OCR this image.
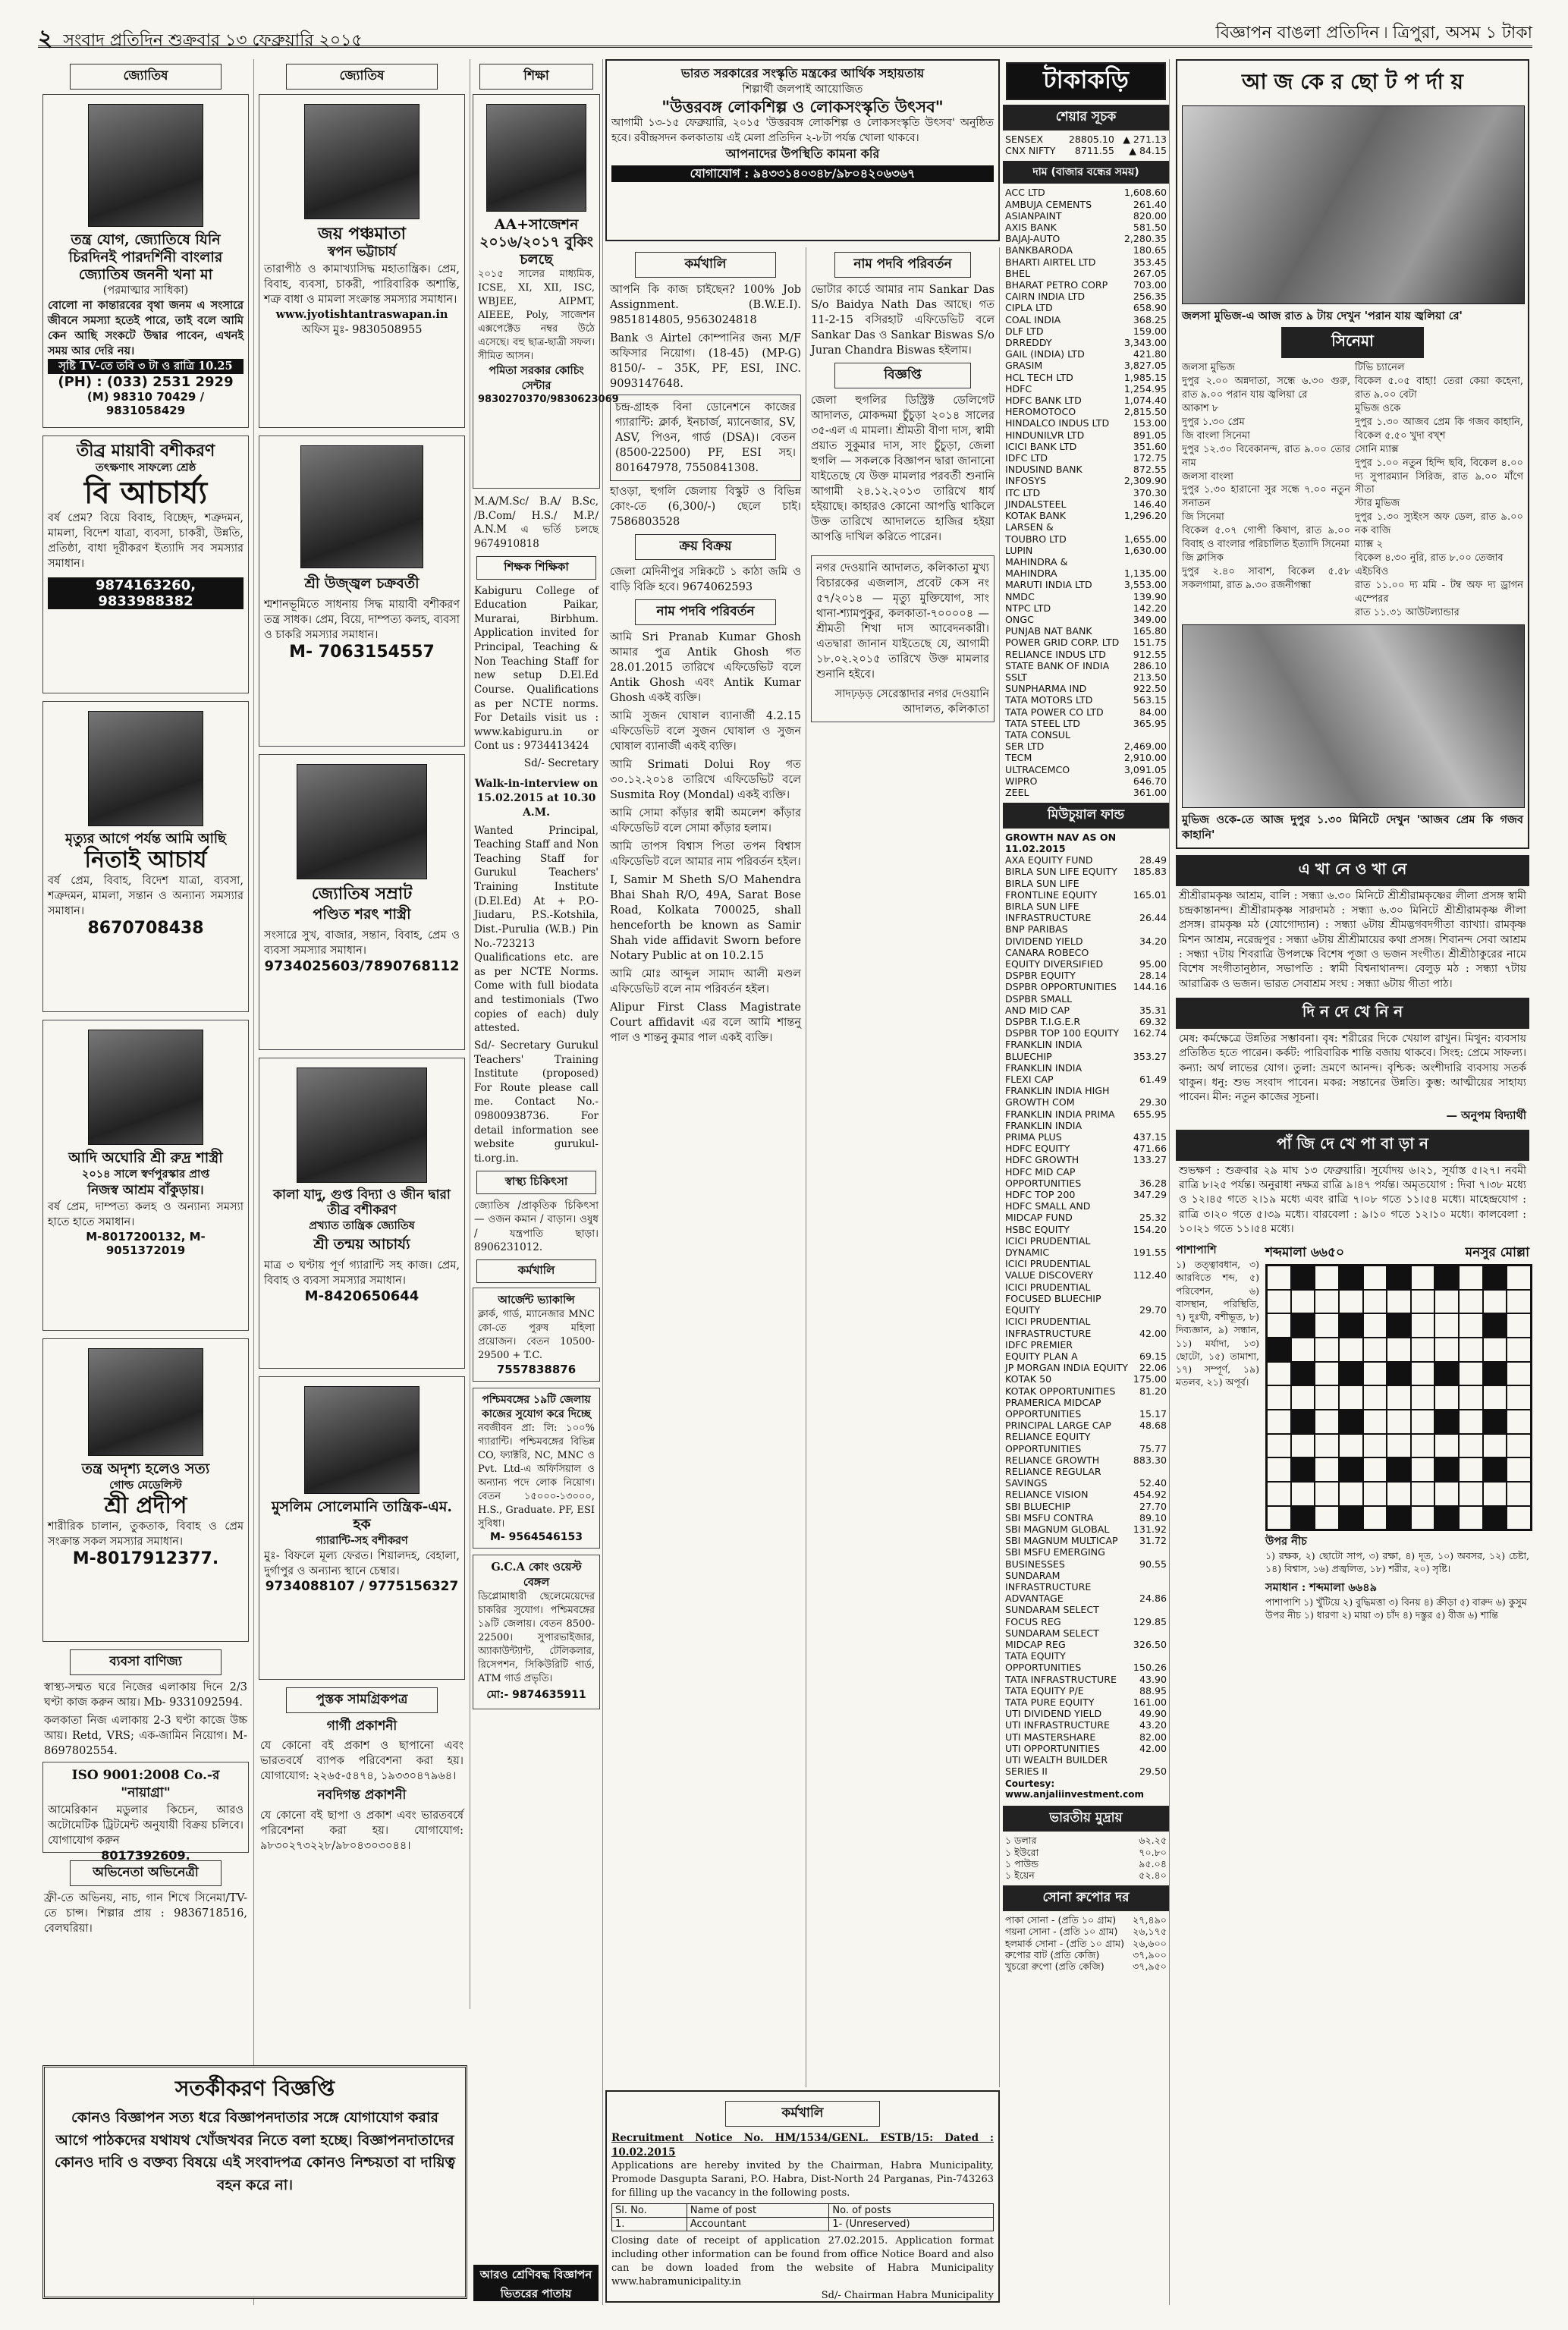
২ সংবাদ প্রতিদিন শুক্রবার ১৩ ফেব্রুয়ারি ২০১৫	বিজ্ঞাপন বাঙলা প্রতিদিন ৷ ত্রিপুরা, অসম ১ টাকা
জ্যোতিষ
তন্ত্র যোগ, জ্যোতিষে যিনি চিরদিনই পারদর্শিনী বাংলার জ্যোতিষ জননী খনা মা
(পরমাত্মার সাধিকা)
বোলো না কান্তারবের বৃথা জনম এ সংসারে জীবনে সমস্যা হতেই পারে, তাই বলে আমি কেন আছি সংকটে উদ্বার পাবেন, এখনই সময় আর দেরি নয়।
সৃষ্টি TV-তে তবি ৩ টা ও রাত্রি 10.25
(PH) : (033) 2531 2929
(M) 98310 70429 / 9831058429
তীব্র মায়াবী বশীকরণ
তৎক্ষণাৎ সাফল্যে শ্রেষ্ঠ
বি আচার্য্য
বর্ষ প্রেম? বিয়ে বিবাহ, বিচ্ছেদ, শত্রুদমন, মামলা, বিদেশ যাত্রা, ব্যবসা, চাকরী, উন্নতি, প্রতিষ্ঠা, বাধা দূরীকরণ ইত্যাদি সব সমস্যার সমাধান।
9874163260, 9833988382
মৃত্যুর আগে পর্যন্ত আমি আছি
নিতাই আচার্য
বর্ষ প্রেম, বিবাহ, বিদেশ যাত্রা, ব্যবসা, শত্রুদমন, মামলা, সন্তান ও অন্যান্য সমস্যার সমাধান।
8670708438
আদি অঘোরি শ্রী রুদ্র শাস্ত্রী
২০১৪ সালে স্বর্ণপুরস্কার প্রাপ্ত
নিজস্ব আশ্রম বাঁকুড়ায়।
বর্ষ প্রেম, দাম্পত্য কলহ ও অন্যান্য সমস্যা হাতে হাতে সমাধান।
M-8017200132, M-9051372019
তন্ত্র অদৃশ্য হলেও সত্য
গোল্ড মেডেলিস্ট
শ্রী প্রদীপ
শারীরিক চালান, তুকতাক, বিবাহ ও প্রেম সংক্রান্ত সকল সমস্যার সমাধান।
M-8017912377.
ব্যবসা বাণিজ্য
স্বাস্থ্য-সম্মত ঘরে নিজের এলাকায় দিনে 2/3 ঘণ্টা কাজ করুন আয়। Mb- 9331092594.
কলকাতা নিজ এলাকায় 2-3 ঘণ্টা কাজে উচ্চ আয়। Retd, VRS; এক-জামিন নিয়োগ। M- 8697802554.
ISO 9001:2008 Co.-র "নায়াগ্রা"
আমেরিকান মডুলার কিচেন, আরও অটোমেটিক ট্রিটমেন্ট অনুযায়ী বিক্রয় চলিবে। যোগাযোগ করুন
8017392609.
অভিনেতা অভিনেত্রী
ফ্রী-তে অভিনয়, নাচ, গান শিখে সিনেমা/TV-তে চান্স। শিল্পার প্রায় : 9836718516, বেলঘরিয়া।
জ্যোতিষ
জয় পঞ্চমাতা
স্বপন ভট্টাচার্য
তারাপীঠ ও কামাখ্যাসিদ্ধ মহাতান্ত্রিক। প্রেম, বিবাহ, ব্যবসা, চাকরী, পারিবারিক অশান্তি, শত্রু বাধা ও মামলা সংক্রান্ত সমস্যার সমাধান।
www.jyotishtantraswapan.in
অফিস মুঃ- 9830508955
শ্রী উজ্জ্বল চক্রবর্তী
শ্মশানভূমিতে সাধনায় সিদ্ধ মায়াবী বশীকরণ তন্ত্র সাধক। প্রেম, বিয়ে, দাম্পত্য কলহ, ব্যবসা ও চাকরি সমস্যার সমাধান।
M- 7063154557
জ্যোতিষ সম্রাট
পণ্ডিত শরৎ শাস্ত্রী
সংসারে সুখ, বাজার, সন্তান, বিবাহ, প্রেম ও ব্যবসা সমস্যার সমাধান।
9734025603/7890768112
কালা যাদু, গুপ্ত বিদ্যা ও জীন দ্বারা তীব্র বশীকরণ
প্রখ্যাত তান্ত্রিক জ্যোতিষ
শ্রী তন্ময় আচার্য্য
মাত্র ৩ ঘণ্টায় পূর্ণ গ্যারান্টি সহ কাজ। প্রেম, বিবাহ ও ব্যবসা সমস্যার সমাধান।
M-8420650644
মুসলিম সোলেমানি তান্ত্রিক-এম. হক
গ্যারান্টি-সহ বশীকরণ
মুঃ- বিফলে মূল্য ফেরত। শিয়ালদহ, বেহালা, দুর্গাপুর ও অন্যান্য স্থানে চেম্বার।
9734088107 / 9775156327
পুস্তক সামগ্রিকপত্র
গার্গী প্রকাশনী
যে কোনো বই প্রকাশ ও ছাপানো এবং ভারতবর্ষে ব্যাপক পরিবেশনা করা হয়। যোগাযোগ: ২২৬৫-৫৪৭৪, ১৯৩৩০৪৭৯৬৪।
নবদিগন্ত প্রকাশনী
যে কোনো বই ছাপা ও প্রকাশ এবং ভারতবর্ষে পরিবেশনা করা হয়। যোগাযোগ: ৯৮৩০২৭৩২২৮/৯৮০৪৩০৩০৪৪।
সতর্কীকরণ বিজ্ঞপ্তি
কোনও বিজ্ঞাপন সত্য ধরে বিজ্ঞাপনদাতার সঙ্গে যোগাযোগ করার আগে পাঠকদের যথাযথ খোঁজখবর নিতে বলা হচ্ছে। বিজ্ঞাপনদাতাদের কোনও দাবি ও বক্তব্য বিষয়ে এই সংবাদপত্র কোনও নিশ্চয়তা বা দায়িত্ব বহন করে না।
শিক্ষা
AA+সাজেশন ২০১৬/২০১৭ বুকিং চলছে
২০১৫ সালের মাধ্যমিক, ICSE, XI, XII, ISC, WBJEE, AIPMT, AIEEE, Poly, সাজেশন এক্সপেক্টেড নম্বর উঠে এসেছে। বহু ছাত্র-ছাত্রী সফল। সীমিত আসন।
পমিতা সরকার কোচিং সেন্টার
9830270370/9830623069
M.A/M.Sc/ B.A/ B.Sc, /B.Com/ H.S./ M.P./ A.N.M এ ভর্তি চলছে 9674910818
শিক্ষক শিক্ষিকা
Kabiguru College of Education Paikar, Murarai, Birbhum. Application invited for Principal, Teaching & Non Teaching Staff for new setup D.El.Ed Course. Qualifications as per NCTE norms. For Details visit us : www.kabiguru.in or Cont us : 9734413424
Sd/- Secretary
Walk-in-interview on 15.02.2015 at 10.30 A.M.
Wanted Principal, Teaching Staff and Non Teaching Staff for Gurukul Teachers' Training Institute (D.El.Ed) At + P.O- Jiudaru, P.S.-Kotshila, Dist.-Purulia (W.B.) Pin No.-723213 Qualifications etc. are as per NCTE Norms. Come with full biodata and testimonials (Two copies of each) duly attested.
Sd/- Secretary Gurukul Teachers' Training Institute (proposed) For Route please call me. Contact No.- 09800938736. For detail information see website gurukul-ti.org.in.
স্বাস্থ্য চিকিৎসা
জ্যোতিষ /প্রাকৃতিক চিকিৎসা — ওজন কমান / বাড়ান। ওষুধ / যন্ত্রপাতি ছাড়া। 8906231012.
কর্মখালি
আর্জেন্ট ভ্যাকান্সি
ক্লার্ক, গার্ড, ম্যানেজার MNC কো-তে পুরুষ মহিলা প্রয়োজন। বেতন 10500-29500 + T.C.
7557838876
পশ্চিমবঙ্গের ১৯টি জেলায় কাজের সুযোগ করে দিচ্ছে
নবজীবন প্রা: লি: ১০০% গ্যারান্টি। পশ্চিমবঙ্গের বিভিন্ন CO, ফ্যাক্টরি, NC, MNC ও Pvt. Ltd-এ অফিসিয়াল ও অন্যান্য পদে লোক নিয়োগ। বেতন ১৫০০০-১৩০০০, H.S., Graduate. PF, ESI সুবিধা।
M- 9564546153
G.C.A কোং ওয়েস্ট বেঙ্গল
ডিপ্লোমাধারী ছেলেমেয়েদের চাকরির সুযোগ। পশ্চিমবঙ্গের ১৯টি জেলায়। বেতন 8500-22500। সুপারভাইজার, অ্যাকাউন্ট্যান্ট, টেলিকলার, রিসেপশন, সিকিউরিটি গার্ড, ATM গার্ড প্রভৃতি।
মো:- 9874635911
আরও শ্রেণিবদ্ধ বিজ্ঞাপন ভিতরের পাতায়
ভারত সরকারের সংস্কৃতি মন্ত্রকের আর্থিক সহায়তায়
শিল্পার্থী জলপাই আয়োজিত
"উত্তরবঙ্গ লোকশিল্প ও লোকসংস্কৃতি উৎসব"
আগামী ১৩-১৫ ফেব্রুয়ারি, ২০১৫ 'উত্তরবঙ্গ লোকশিল্প ও লোকসংস্কৃতি উৎসব' অনুষ্ঠিত হবে। রবীন্দ্রসদন কলকাতায় এই মেলা প্রতিদিন ২-৮টা পর্যন্ত খোলা থাকবে।
আপনাদের উপস্থিতি কামনা করি
যোগাযোগ : ৯৪৩৩১৪০৩৪৮/৯৮০৪২০৬৩৬৭
কর্মখালি
আপনি কি কাজ চাইছেন? 100% Job Assignment. (B.W.E.I). 9851814805, 9563024818
Bank ও Airtel কোম্পানির জন্য M/F অফিসার নিয়োগ। (18-45) (MP-G) 8150/- – 35K, PF, ESI, INC. 9093147648.
চন্দ্র-গ্রাহক বিনা ডোনেশনে কাজের গ্যারান্টি: ক্লার্ক, ইনচার্জ, ম্যানেজার, SV, ASV, পিওন, গার্ড (DSA)। বেতন (8500-22500) PF, ESI সহ। 801647978, 7550841308.
হাওড়া, হুগলি জেলায় বিস্কুট ও বিভিন্ন কোং-তে (6,300/-) ছেলে চাই। 7586803528
ক্রয় বিক্রয়
জেলা মেদিনীপুর সন্নিকটে ১ কাঠা জমি ও বাড়ি বিক্রি হবে। 9674062593
নাম পদবি পরিবর্তন
আমি Sri Pranab Kumar Ghosh আমার পুত্র Antik Ghosh গত 28.01.2015 তারিখে এফিডেভিট বলে Antik Ghosh এবং Antik Kumar Ghosh একই ব্যক্তি।
আমি সুজন ঘোষাল ব্যানার্জী 4.2.15 এফিডেভিট বলে সুজন ঘোষাল ও সুজন ঘোষাল ব্যানার্জী একই ব্যক্তি।
আমি Srimati Dolui Roy গত ৩০.১২.২০১৪ তারিখে এফিডেভিট বলে Susmita Roy (Mondal) একই ব্যক্তি।
আমি সোমা কাঁড়ার স্বামী অমলেশ কাঁড়ার এফিডেভিট বলে সোমা কাঁড়ার হলাম।
আমি তাপস বিশ্বাস পিতা তপন বিশ্বাস এফিডেভিট বলে আমার নাম পরিবর্তন হইল।
I, Samir M Sheth S/O Mahendra Bhai Shah R/O, 49A, Sarat Bose Road, Kolkata 700025, shall henceforth be known as Samir Shah vide affidavit Sworn before Notary Public at on 10.2.15
আমি মোঃ আব্দুল সামাদ আলী মণ্ডল এফিডেভিট বলে নাম পরিবর্তন হইল।
Alipur First Class Magistrate Court affidavit এর বলে আমি শান্তনু পাল ও শান্তনু কুমার পাল একই ব্যক্তি।
নাম পদবি পরিবর্তন
ভোটার কার্ডে আমার নাম Sankar Das S/o Baidya Nath Das আছে। গত 11-2-15 বসিরহাট এফিডেভিট বলে Sankar Das ও Sankar Biswas S/o Juran Chandra Biswas হইলাম।
বিজ্ঞপ্তি
জেলা হুগলির ডিস্ট্রিক্ট ডেলিগেট আদালত, মোকদ্দমা চুঁচুড়া ২০১৪ সালের ৩৫-এল এ মামলা। শ্রীমতী বীণা দাস, স্বামী প্রয়াত সুকুমার দাস, সাং চুঁচুড়া, জেলা হুগলি — সকলকে বিজ্ঞাপন দ্বারা জানানো যাইতেছে যে উক্ত মামলার পরবর্তী শুনানি আগামী ২৪.১২.২০১৩ তারিখে ধার্য হইয়াছে। কাহারও কোনো আপত্তি থাকিলে উক্ত তারিখে আদালতে হাজির হইয়া আপত্তি দাখিল করিতে পারেন।
নগর দেওয়ানি আদালত, কলিকাতা মুখ্য বিচারকের এজলাস, প্রবেট কেস নং ৫৭/২০১৪ — মৃত্যু মুক্তিযোগ, সাং থানা-শ্যামপুকুর, কলকাতা-৭০০০০৪ — শ্রীমতী শিখা দাস আবেদনকারী। এতদ্বারা জানান যাইতেছে যে, আগামী ১৮.০২.২০১৫ তারিখে উক্ত মামলার শুনানি হইবে।
সাদঢ়ড়ড় সেরেস্তাদার নগর দেওয়ানি আদালত, কলিকাতা
কর্মখালি
Recruitment Notice No. HM/1534/GENL. ESTB/15: Dated : 10.02.2015
Applications are hereby invited by the Chairman, Habra Municipality, Promode Dasgupta Sarani, P.O. Habra, Dist-North 24 Parganas, Pin-743263 for filling up the vacancy in the following posts.
Sl. No.	Name of post	No. of posts
1.	Accountant	1- (Unreserved)
Closing date of receipt of application 27.02.2015. Application format including other information can be found from office Notice Board and also can be down loaded from the website of Habra Municipality www.habramunicipality.in
Sd/- Chairman Habra Municipality
টাকাকড়ি
শেয়ার সূচক
SENSEX	28805.10	▲ 271.13
CNX NIFTY	8711.55	▲ 84.15
দাম (বাজার বন্ধের সময়)
ACC LTD	1,608.60
AMBUJA CEMENTS	261.40
ASIANPAINT	820.00
AXIS BANK	581.50
BAJAJ-AUTO	2,280.35
BANKBARODA	180.65
BHARTI AIRTEL LTD	353.45
BHEL	267.05
BHARAT PETRO CORP	703.00
CAIRN INDIA LTD	256.35
CIPLA LTD	658.90
COAL INDIA	368.25
DLF LTD	159.00
DRREDDY	3,343.00
GAIL (INDIA) LTD	421.80
GRASIM	3,827.05
HCL TECH LTD	1,985.15
HDFC	1,254.95
HDFC BANK LTD	1,074.40
HEROMOTOCO	2,815.50
HINDALCO INDUS LTD	153.00
HINDUNILVR LTD	891.05
ICICI BANK LTD	351.60
IDFC LTD	172.75
INDUSIND BANK	872.55
INFOSYS	2,309.90
ITC LTD	370.30
JINDALSTEEL	146.40
KOTAK BANK	1,296.20
LARSEN &	
TOUBRO LTD	1,655.00
LUPIN	1,630.00
MAHINDRA &	
MAHINDRA	1,135.00
MARUTI INDIA LTD	3,553.00
NMDC	139.90
NTPC LTD	142.20
ONGC	349.00
PUNJAB NAT BANK	165.80
POWER GRID CORP. LTD	151.75
RELIANCE INDUS LTD	912.55
STATE BANK OF INDIA	286.10
SSLT	213.50
SUNPHARMA IND	922.50
TATA MOTORS LTD	563.15
TATA POWER CO LTD	84.00
TATA STEEL LTD	365.95
TATA CONSUL	
SER LTD	2,469.00
TECM	2,910.00
ULTRACEMCO	3,091.05
WIPRO	646.70
ZEEL	361.00
মিউচুয়াল ফান্ড
GROWTH NAV AS ON 11.02.2015
AXA EQUITY FUND	28.49
BIRLA SUN LIFE EQUITY	185.83
BIRLA SUN LIFE	
FRONTLINE EQUITY	165.01
BIRLA SUN LIFE	
INFRASTRUCTURE	26.44
BNP PARIBAS	
DIVIDEND YIELD	34.20
CANARA ROBECO	
EQUITY DIVERSIFIED	95.00
DSPBR EQUITY	28.14
DSPBR OPPORTUNITIES	144.16
DSPBR SMALL	
AND MID CAP	35.31
DSPBR T.I.G.E.R	69.32
DSPBR TOP 100 EQUITY	162.74
FRANKLIN INDIA	
BLUECHIP	353.27
FRANKLIN INDIA	
FLEXI CAP	61.49
FRANKLIN INDIA HIGH	
GROWTH COM	29.30
FRANKLIN INDIA PRIMA	655.95
FRANKLIN INDIA	
PRIMA PLUS	437.15
HDFC EQUITY	471.66
HDFC GROWTH	133.27
HDFC MID CAP	
OPPORTUNITIES	36.28
HDFC TOP 200	347.29
HDFC SMALL AND	
MIDCAP FUND	25.32
HSBC EQUITY	154.20
ICICI PRUDENTIAL	
DYNAMIC	191.55
ICICI PRUDENTIAL	
VALUE DISCOVERY	112.40
ICICI PRUDENTIAL	
FOCUSED BLUECHIP	
EQUITY	29.70
ICICI PRUDENTIAL	
INFRASTRUCTURE	42.00
IDFC PREMIER	
EQUITY PLAN A	69.15
JP MORGAN INDIA EQUITY	22.06
KOTAK 50	175.00
KOTAK OPPORTUNITIES	81.20
PRAMERICA MIDCAP	
OPPORTUNITIES	15.17
PRINCIPAL LARGE CAP	48.68
RELIANCE EQUITY	
OPPORTUNITIES	75.77
RELIANCE GROWTH	883.30
RELIANCE REGULAR	
SAVINGS	52.40
RELIANCE VISION	454.92
SBI BLUECHIP	27.70
SBI MSFU CONTRA	89.10
SBI MAGNUM GLOBAL	131.92
SBI MAGNUM MULTICAP	31.72
SBI MSFU EMERGING	
BUSINESSES	90.55
SUNDARAM	
INFRASTRUCTURE	
ADVANTAGE	24.86
SUNDARAM SELECT	
FOCUS REG	129.85
SUNDARAM SELECT	
MIDCAP REG	326.50
TATA EQUITY	
OPPORTUNITIES	150.26
TATA INFRASTRUCTURE	43.90
TATA EQUITY P/E	88.95
TATA PURE EQUITY	161.00
UTI DIVIDEND YIELD	49.90
UTI INFRASTRUCTURE	43.20
UTI MASTERSHARE	82.00
UTI OPPORTUNITIES	42.00
UTI WEALTH BUILDER	
SERIES II	29.50
Courtesy: www.anjaliinvestment.com
ভারতীয় মুদ্রায়
১ ডলার	৬২.২৫
১ ইউরো	৭০.৮০
১ পাউন্ড	৯৫.০৪
১ ইয়েন	৫২.৪০
সোনা রুপোর দর
পাকা সোনা - (প্রতি ১০ গ্রাম)	২৭,৪৯০
গয়না সোনা - (প্রতি ১০ গ্রাম)	২৬,১৭৫
হলমার্ক সোনা - (প্রতি ১০ গ্রাম)	২৬,৬০০
রুপোর বাট (প্রতি কেজি)	৩৭,৯০০
খুচরো রুপো (প্রতি কেজি)	৩৭,৯৫০
আ জ কে র ছো ট প র্দা য়
জলসা মুভিজ-এ আজ রাত ৯ টায় দেখুন 'পরান যায় জ্বলিয়া রে'
সিনেমা
জলসা মুভিজ
দুপুর ২.০০ অন্নদাতা, সন্ধে ৬.৩০ গুরু, রাত ৯.০০ পরান যায় জ্বলিয়া রে
আকাশ ৮
দুপুর ১.৩০ প্রেম
জি বাংলা সিনেমা
দুপুর ১২.৩০ বিবেকানন্দ, রাত ৯.০০ তোর নাম
জলসা বাংলা
দুপুর ১.৩০ হারানো সুর সন্ধে ৭.০০ নতুন সনাতন
জি সিনেমা
বিকেল ৫.০৭ গোপী কিষাণ, রাত ৯.০০ বিবাহ ও বাংলার পরিচালিত ইত্যাদি সিনেমা
জি ক্লাসিক
দুপুর ২.৪০ সাবাশ, বিকেল ৫.৫৮ সকলগামা, রাত ৯.৩০ রজনীগন্ধা
টিভি চ্যানেল
বিকেল ৫.০৫ বাহা! তেরা কেয়া কহেনা, রাত ৯.০০ বেটা
মুভিজ ওকে
দুপুর ১.৩০ আজব প্রেম কি গজব কাহানি, বিকেল ৫.৫০ খুদা বখ্শ
সোনি ম্যাক্স
দুপুর ১.০০ নতুন হিন্দি ছবি, বিকেল ৪.০০ দ্য সুপারম্যান সিরিজ, রাত ৯.০০ মাঁগে সীতা
স্টার মুভিজ
দুপুর ১.৩০ স্যুইংস অফ ডেল, রাত ৯.০০ নক বাজি
ম্যাক্স ২
বিকেল ৪.৩০ নুরি, রাত ৮.০০ তেজাব
এইচবিও
রাত ১১.০০ দ্য মমি - টম্ব অফ দ্য ড্রাগন এম্পেরর
রাত ১১.৩১ আউটল্যান্ডার
মুভিজ ওকে-তে আজ দুপুর ১.৩০ মিনিটে দেখুন 'আজব প্রেম কি গজব কাহানি'
এ খা নে ও খা নে
শ্রীশ্রীরামকৃষ্ণ আশ্রম, বালি : সন্ধ্যা ৬.৩০ মিনিটে শ্রীশ্রীরামকৃষ্ণের লীলা প্রসঙ্গ স্বামী চন্দ্রকান্তানন্দ। শ্রীশ্রীরামকৃষ্ণ সারদামঠ : সন্ধ্যা ৬.৩০ মিনিটে শ্রীশ্রীরামকৃষ্ণ লীলা প্রসঙ্গ। রামকৃষ্ণ মঠ (যোগোদ্যান) : সন্ধ্যা ৬টায় শ্রীমদ্ভগবদগীতা ব্যাখ্যা। রামকৃষ্ণ মিশন আশ্রম, নরেন্দ্রপুর : সন্ধ্যা ৬টায় শ্রীশ্রীমায়ের কথা প্রসঙ্গ। শিবানন্দ সেবা আশ্রম : সন্ধ্যা ৭টায় শিবরাত্রি উপলক্ষে বিশেষ পূজা ও ভজন সংগীত। শ্রীশ্রীঠাকুরের নামে বিশেষ সংগীতানুষ্ঠান, সভাপতি : স্বামী বিশ্বনাথানন্দ। বেলুড় মঠ : সন্ধ্যা ৭টায় আরাত্রিক ও ভজন। ভারত সেবাশ্রম সংঘ : সন্ধ্যা ৬টায় গীতা পাঠ।
দি ন দে খে নি ন
মেষ: কর্মক্ষেত্রে উন্নতির সম্ভাবনা। বৃষ: শরীরের দিকে খেয়াল রাখুন। মিথুন: ব্যবসায় প্রতিষ্ঠিত হতে পারেন। কর্কট: পারিবারিক শান্তি বজায় থাকবে। সিংহ: প্রেমে সাফল্য। কন্যা: অর্থ লাভের যোগ। তুলা: ভ্রমণে আনন্দ। বৃশ্চিক: অংশীদারি ব্যবসায় সতর্ক থাকুন। ধনু: শুভ সংবাদ পাবেন। মকর: সন্তানের উন্নতি। কুম্ভ: আত্মীয়ের সাহায্য পাবেন। মীন: নতুন কাজের সূচনা।
— অনুপম বিদ্যার্থী
পাঁ জি দে খে পা বা ড়া ন
শুভক্ষণ : শুক্রবার ২৯ মাঘ ১৩ ফেব্রুয়ারি। সূর্যোদয় ৬।২১, সূর্যাস্ত ৫।২৭। নবমী রাত্রি ৮।২৫ পর্যন্ত। অনুরাধা নক্ষত্র রাত্রি ৯।৪৭ পর্যন্ত। অমৃতযোগ : দিবা ৭।৩৮ মধ্যে ও ১২।৪৫ গতে ২।১৯ মধ্যে এবং রাত্রি ৭।০৮ গতে ১১।৫৪ মধ্যে। মাহেন্দ্রযোগ : রাত্রি ৩।২০ গতে ৫।৩৯ মধ্যে। বারবেলা : ৯।১০ গতে ১২।১০ মধ্যে। কালবেলা : ১০।২১ গতে ১১।৫৪ মধ্যে।
পাশাপাশি
১) তত্ত্বাবধান, ৩) আরবিতে শব্দ, ৫) পরিবেশন, ৬) বাসস্থান, পরিস্থিতি, ৭) দুঃখী, বশীভূত, ৮) দিব্যজ্ঞান, ৯) সন্ধান, ১১) মর্যাদা, ১৩) ছোটো, ১৫) তামাশা, ১৭) সম্পূর্ণ, ১৯) মতলব, ২১) অপূর্ব।
শব্দমালা ৬৬৫০	মনসুর মোল্লা
উপর নীচ
১) রক্ষক, ২) ছোটো সাপ, ৩) রক্ষা, ৪) দূত, ১০) অবসর, ১২) চেষ্টা, ১৪) বিশ্বাস, ১৬) প্রজ্বলিত, ১৮) শরীর, ২০) সৃষ্টি।
সমাধান : শব্দমালা ৬৬৪৯
পাশাপাশি ১) খুঁটিয়ে ২) বুদ্ধিমত্তা ৩) বিনয় ৪) ক্রীড়া ৫) বারুদ ৬) কুসুম
উপর নীচ ১) ধারণা ২) মায়া ৩) চাঁদ ৪) দস্তুর ৫) বীজ ৬) শান্তি
